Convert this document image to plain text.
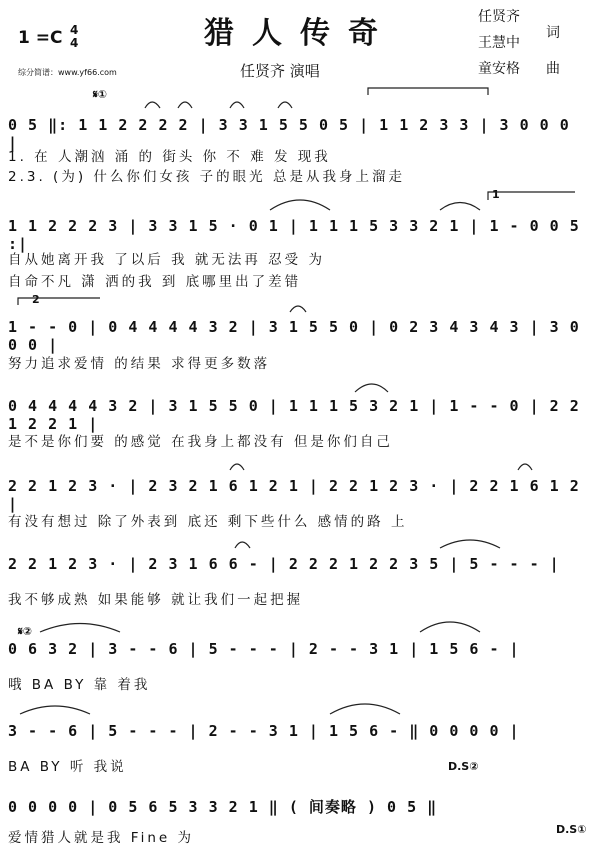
猎人传奇
1 =C 4
4
综分简谱：www.yf66.com	任贤齐 演唱
任贤齐
词
王慧中
童安格 曲
𝄋①
𝄋②
1
2
D.S②
D.S①
0 5 ‖: 1 1 2 2 2 2 | 3 3 1 5 5 0 5 | 1 1 2 3 3 | 3 0 0 0 |
1. 在 人潮汹 涌 的 街头 你 不 难 发 现我
2.3. (为) 什么你们女孩 子的眼光 总是从我身上溜走
1 1 2 2 2 3 | 3 3 1 5 · 0 1 | 1 1 1 5 3 3 2 1 | 1 - 0 0 5 :|
自从她离开我 了以后 我 就无法再 忍受 为
自命不凡 潇 洒的我 到 底哪里出了差错
1 - - 0 | 0 4 4 4 4 3 2 | 3 1 5 5 0 | 0 2 3 4 3 4 3 | 3 0 0 0 |
努力追求爱情 的结果 求得更多数落
0 4 4 4 4 3 2 | 3 1 5 5 0 | 1 1 1 5 3 2 1 | 1 - - 0 | 2 2 1 2 2 1 |
是不是你们要 的感觉 在我身上都没有 但是你们自己
2 2 1 2 3 · | 2 3 2 1 6 1 2 1 | 2 2 1 2 3 · | 2 2 1 6 1 2 |
有没有想过 除了外表到 底还 剩下些什么 感情的路 上
2 2 1 2 3 · | 2 3 1 6 6 - | 2 2 2 1 2 2 3 5 | 5 - - - |
我不够成熟 如果能够 就让我们一起把握
0 6 3 2 | 3 - - 6 | 5 - - - | 2 - - 3 1 | 1 5 6 - |
哦 BA BY 靠 着我
3 - - 6 | 5 - - - | 2 - - 3 1 | 1 5 6 - ‖ 0 0 0 0 |
BA BY 听 我说
0 0 0 0 | 0 5 6 5 3 3 2 1 ‖ ( 间奏略 ) 0 5 ‖
爱情猎人就是我 Fine 为
